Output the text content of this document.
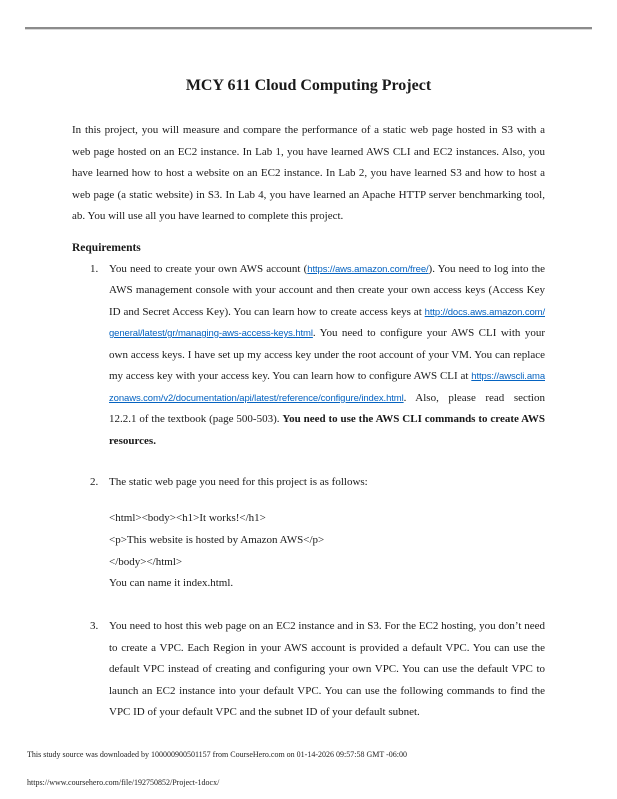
MCY 611 Cloud Computing Project

In this project, you will measure and compare the performance of a static web page hosted in S3 with a web page hosted on an EC2 instance. In Lab 1, you have learned AWS CLI and EC2 instances. Also, you have learned how to host a website on an EC2 instance. In Lab 2, you have learned S3 and how to host a web page (a static website) in S3. In Lab 4, you have learned an Apache HTTP server benchmarking tool, ab. You will use all you have learned to complete this project.

Requirements
1. You need to create your own AWS account (https://aws.amazon.com/free/). You need to log into the AWS management console with your account and then create your own access keys (Access Key ID and Secret Access Key). You can learn how to create access keys at http://docs.aws.amazon.com/general/latest/gr/managing-aws-access-keys.html. You need to configure your AWS CLI with your own access keys. I have set up my access key under the root account of your VM. You can replace my access key with your access key. You can learn how to configure AWS CLI at https://awscli.amazonaws.com/v2/documentation/api/latest/reference/configure/index.html. Also, please read section 12.2.1 of the textbook (page 500-503). You need to use the AWS CLI commands to create AWS resources.

2. The static web page you need for this project is as follows:

<html><body><h1>It works!</h1>
<p>This website is hosted by Amazon AWS</p>
</body></html>

You can name it index.html.

3. You need to host this web page on an EC2 instance and in S3. For the EC2 hosting, you don’t need to create a VPC. Each Region in your AWS account is provided a default VPC. You can use the default VPC instead of creating and configuring your own VPC. You can use the default VPC to launch an EC2 instance into your default VPC. You can use the following commands to find the VPC ID of your default VPC and the subnet ID of your default subnet.

This study source was downloaded by 100000900501157 from CourseHero.com on 01-14-2026 09:57:58 GMT -06:00
https://www.coursehero.com/file/192750852/Project-1docx/
